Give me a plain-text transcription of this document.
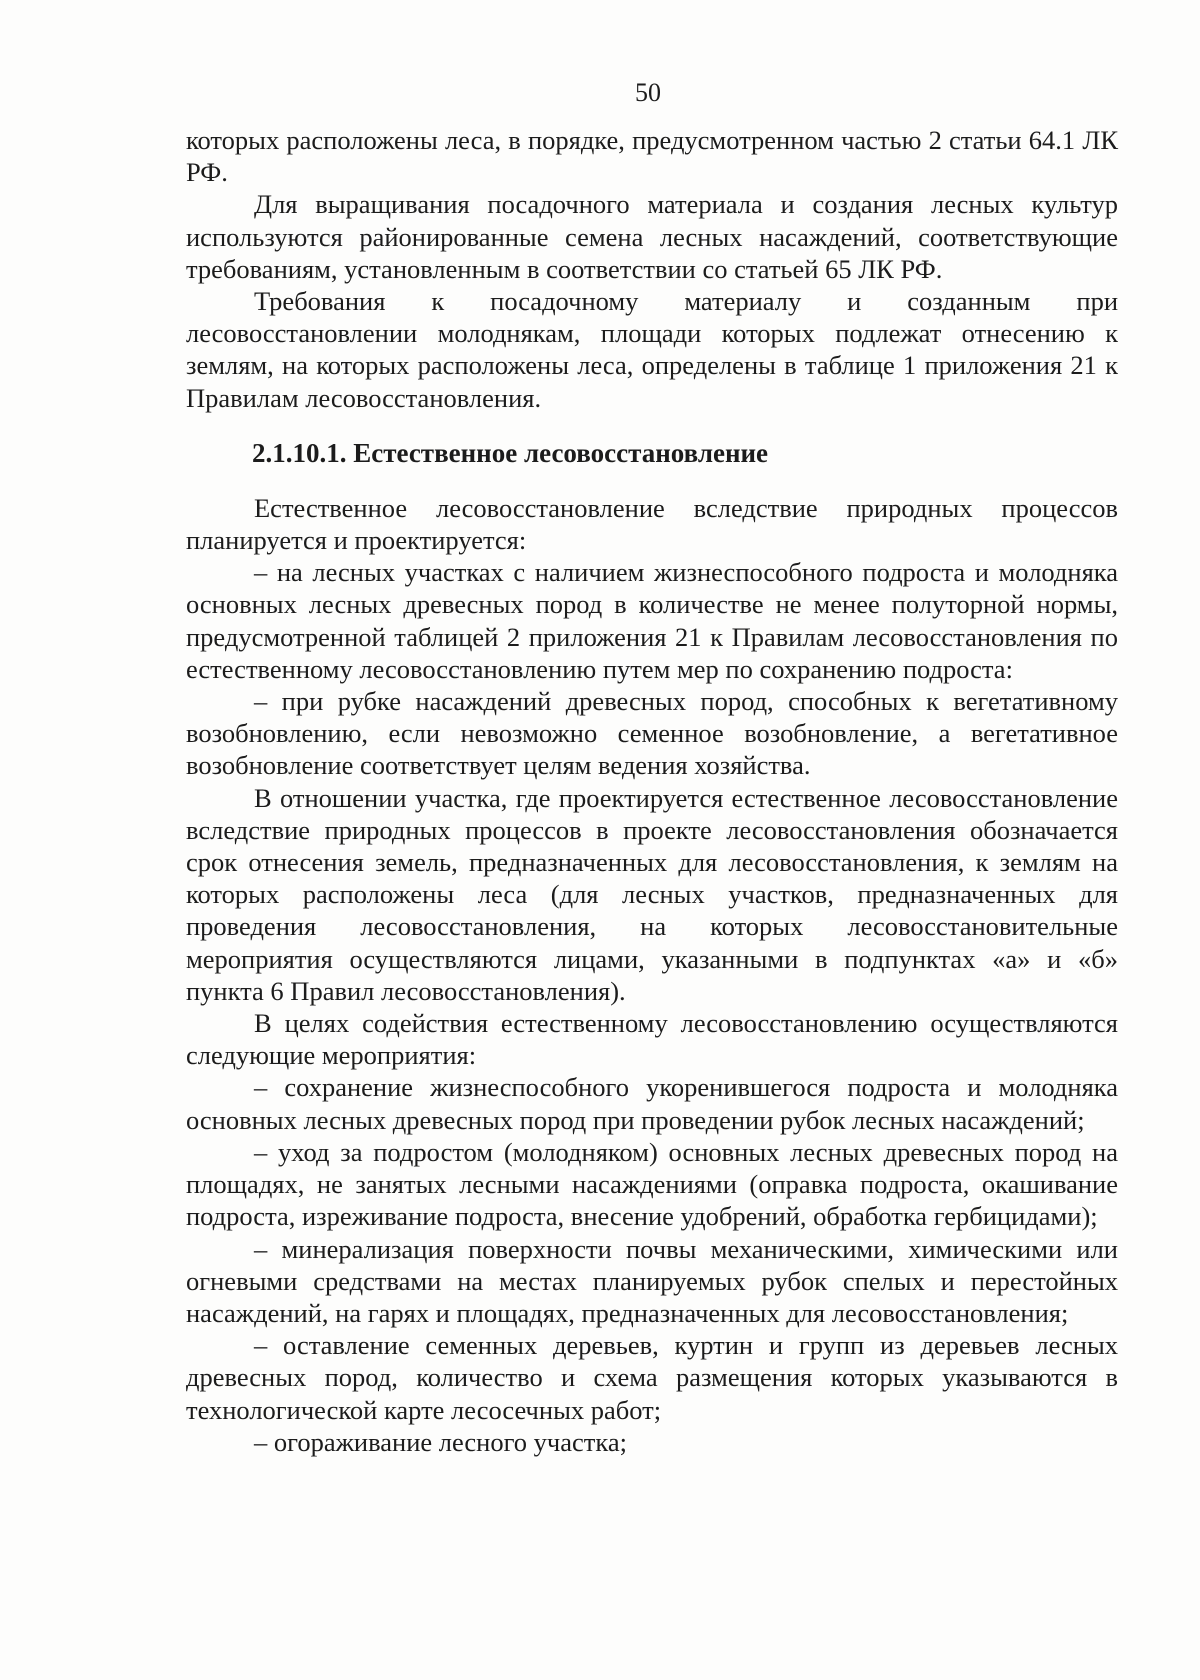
50

которых расположены леса, в порядке, предусмотренном частью 2 статьи 64.1 ЛК РФ.

Для выращивания посадочного материала и создания лесных культур используются районированные семена лесных насаждений, соответствующие требованиям, установленным в соответствии со статьей 65 ЛК РФ.

Требования к посадочному материалу и созданным при лесовосстановлении молоднякам, площади которых подлежат отнесению к землям, на которых расположены леса, определены в таблице 1 приложения 21 к Правилам лесовосстановления.

2.1.10.1. Естественное лесовосстановление

Естественное лесовосстановление вследствие природных процессов планируется и проектируется:

– на лесных участках с наличием жизнеспособного подроста и молодняка основных лесных древесных пород в количестве не менее полуторной нормы, предусмотренной таблицей 2 приложения 21 к Правилам лесовосстановления по естественному лесовосстановлению путем мер по сохранению подроста:

– при рубке насаждений древесных пород, способных к вегетативному возобновлению, если невозможно семенное возобновление, а вегетативное возобновление соответствует целям ведения хозяйства.

В отношении участка, где проектируется естественное лесовосстановление вследствие природных процессов в проекте лесовосстановления обозначается срок отнесения земель, предназначенных для лесовосстановления, к землям на которых расположены леса (для лесных участков, предназначенных для проведения лесовосстановления, на которых лесовосстановительные мероприятия осуществляются лицами, указанными в подпунктах «а» и «б» пункта 6 Правил лесовосстановления).

В целях содействия естественному лесовосстановлению осуществляются следующие мероприятия:

– сохранение жизнеспособного укоренившегося подроста и молодняка основных лесных древесных пород при проведении рубок лесных насаждений;

– уход за подростом (молодняком) основных лесных древесных пород на площадях, не занятых лесными насаждениями (оправка подроста, окашивание подроста, изреживание подроста, внесение удобрений, обработка гербицидами);

– минерализация поверхности почвы механическими, химическими или огневыми средствами на местах планируемых рубок спелых и перестойных насаждений, на гарях и площадях, предназначенных для лесовосстановления;

– оставление семенных деревьев, куртин и групп из деревьев лесных древесных пород, количество и схема размещения которых указываются в технологической карте лесосечных работ;

– огораживание лесного участка;
